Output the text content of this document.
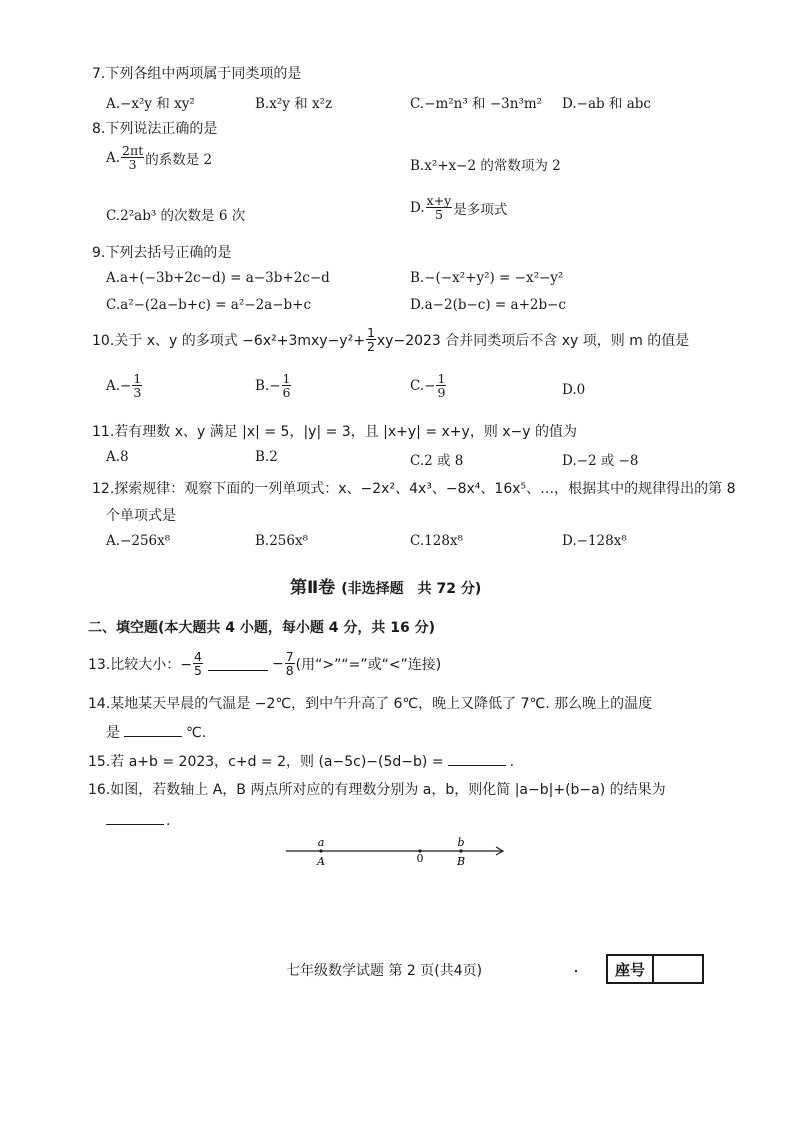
7.下列各组中两项属于同类项的是
A.−x²y 和 xy²	B.x²y 和 x²z	C.−m²n³ 和 −3n³m² D.−ab 和 abc
8.下列说法正确的是
A. $\frac{2\pi t}{3}$ 的系数是 2	B.x²+x−2 的常数项为 2
C.2²ab³ 的次数是 6 次
D. $\frac{x+y}{5}$ 是多项式
9.下列去括号正确的是
A.a+(−3b+2c−d) = a−3b+2c−d	B.−(−x²+y²) = −x²−y²
C.a²−(2a−b+c) = a²−2a−b+c	D.a−2(b−c) = a+2b−c
10.关于 x、y 的多项式 $-6x^2+3mxy-y^2+ \frac{1}{2} xy-2023$ 合并同类项后不含 xy 项，则 m 的值是
$A.- \frac{1}{3}$	$B.- \frac{1}{6}$	$C.- \frac{1}{9}$	D.0
11.若有理数 x、y 满足 |x| = 5，|y| = 3，且 |x+y| = x+y，则 x−y 的值为
A.8	B.2	C.2 或 8	D.−2 或 −8
12.探索规律：观察下面的一列单项式：x、−2x²、4x³、−8x⁴、16x⁵、…，根据其中的规律得出的第 8
个单项式是
A.−256x⁸	B.256x⁸	C.128x⁸	D.−128x⁸
第Ⅱ卷 (非选择题　共 72 分)
二、填空题(本大题共 4 小题，每小题 4 分，共 16 分)
13.比较大小：− $\frac{4}{5}$	− $\frac{7}{8}$ (用“>”“=”或“<”连接)
14.某地某天早晨的气温是 −2℃，到中午升高了 6℃，晚上又降低了 7℃. 那么晚上的温度
是	℃.
15.若 a+b = 2023，c+d = 2，则 (a−5c)−(5d−b) =	.
16.如图，若数轴上 A，B 两点所对应的有理数分别为 a，b，则化简 |a−b|+(b−a) 的结果为
.
a
A	0
b
B
七年级数学试题 第 2 页(共4页)	座号
